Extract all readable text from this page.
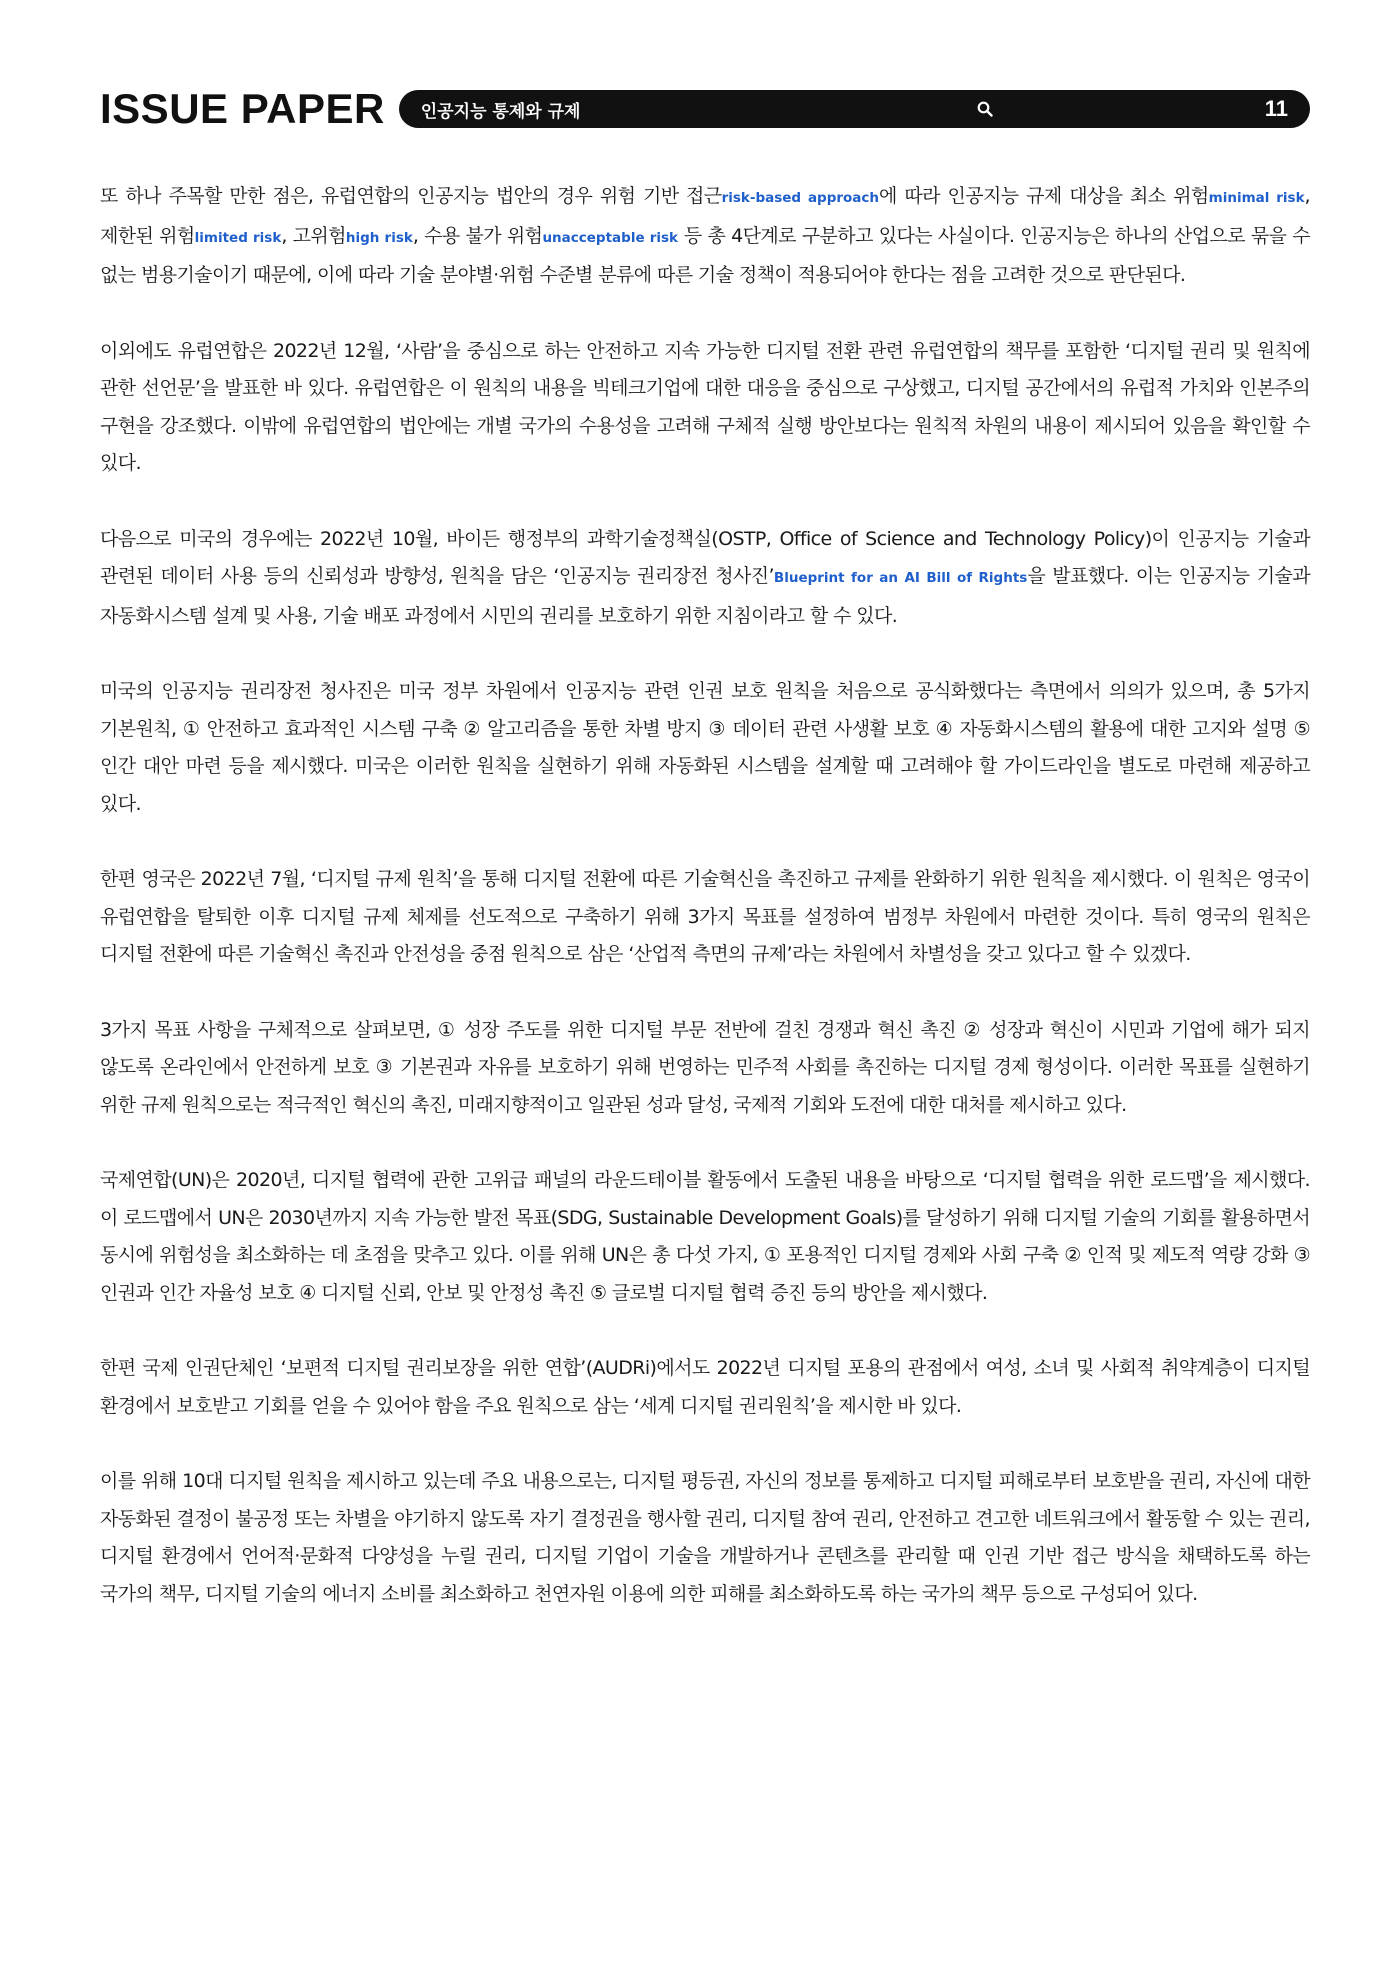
ISSUE PAPER 인공지능 통제와 규제	11

또 하나 주목할 만한 점은, 유럽연합의 인공지능 법안의 경우 위험 기반 접근risk-based approach에 따라 인공지능 규제 대상을 최소 위험minimal risk, 제한된 위험limited risk, 고위험high risk, 수용 불가 위험unacceptable risk 등 총 4단계로 구분하고 있다는 사실이다. 인공지능은 하나의 산업으로 묶을 수 없는 범용기술이기 때문에, 이에 따라 기술 분야별·위험 수준별 분류에 따른 기술 정책이 적용되어야 한다는 점을 고려한 것으로 판단된다.

이외에도 유럽연합은 2022년 12월, ‘사람’을 중심으로 하는 안전하고 지속 가능한 디지털 전환 관련 유럽연합의 책무를 포함한 ‘디지털 권리 및 원칙에 관한 선언문’을 발표한 바 있다. 유럽연합은 이 원칙의 내용을 빅테크기업에 대한 대응을 중심으로 구상했고, 디지털 공간에서의 유럽적 가치와 인본주의 구현을 강조했다. 이밖에 유럽연합의 법안에는 개별 국가의 수용성을 고려해 구체적 실행 방안보다는 원칙적 차원의 내용이 제시되어 있음을 확인할 수 있다.

다음으로 미국의 경우에는 2022년 10월, 바이든 행정부의 과학기술정책실(OSTP, Office of Science and Technology Policy)이 인공지능 기술과 관련된 데이터 사용 등의 신뢰성과 방향성, 원칙을 담은 ‘인공지능 권리장전 청사진’Blueprint for an AI Bill of Rights을 발표했다. 이는 인공지능 기술과 자동화시스템 설계 및 사용, 기술 배포 과정에서 시민의 권리를 보호하기 위한 지침이라고 할 수 있다.

미국의 인공지능 권리장전 청사진은 미국 정부 차원에서 인공지능 관련 인권 보호 원칙을 처음으로 공식화했다는 측면에서 의의가 있으며, 총 5가지 기본원칙, ① 안전하고 효과적인 시스템 구축 ② 알고리즘을 통한 차별 방지 ③ 데이터 관련 사생활 보호 ④ 자동화시스템의 활용에 대한 고지와 설명 ⑤ 인간 대안 마련 등을 제시했다. 미국은 이러한 원칙을 실현하기 위해 자동화된 시스템을 설계할 때 고려해야 할 가이드라인을 별도로 마련해 제공하고 있다.

한편 영국은 2022년 7월, ‘디지털 규제 원칙’을 통해 디지털 전환에 따른 기술혁신을 촉진하고 규제를 완화하기 위한 원칙을 제시했다. 이 원칙은 영국이 유럽연합을 탈퇴한 이후 디지털 규제 체제를 선도적으로 구축하기 위해 3가지 목표를 설정하여 범정부 차원에서 마련한 것이다. 특히 영국의 원칙은 디지털 전환에 따른 기술혁신 촉진과 안전성을 중점 원칙으로 삼은 ‘산업적 측면의 규제’라는 차원에서 차별성을 갖고 있다고 할 수 있겠다.

3가지 목표 사항을 구체적으로 살펴보면, ① 성장 주도를 위한 디지털 부문 전반에 걸친 경쟁과 혁신 촉진 ② 성장과 혁신이 시민과 기업에 해가 되지 않도록 온라인에서 안전하게 보호 ③ 기본권과 자유를 보호하기 위해 번영하는 민주적 사회를 촉진하는 디지털 경제 형성이다. 이러한 목표를 실현하기 위한 규제 원칙으로는 적극적인 혁신의 촉진, 미래지향적이고 일관된 성과 달성, 국제적 기회와 도전에 대한 대처를 제시하고 있다.

국제연합(UN)은 2020년, 디지털 협력에 관한 고위급 패널의 라운드테이블 활동에서 도출된 내용을 바탕으로 ‘디지털 협력을 위한 로드맵’을 제시했다. 이 로드맵에서 UN은 2030년까지 지속 가능한 발전 목표(SDG, Sustainable Development Goals)를 달성하기 위해 디지털 기술의 기회를 활용하면서 동시에 위험성을 최소화하는 데 초점을 맞추고 있다. 이를 위해 UN은 총 다섯 가지, ① 포용적인 디지털 경제와 사회 구축 ② 인적 및 제도적 역량 강화 ③ 인권과 인간 자율성 보호 ④ 디지털 신뢰, 안보 및 안정성 촉진 ⑤ 글로벌 디지털 협력 증진 등의 방안을 제시했다.

한편 국제 인권단체인 ‘보편적 디지털 권리보장을 위한 연합’(AUDRi)에서도 2022년 디지털 포용의 관점에서 여성, 소녀 및 사회적 취약계층이 디지털 환경에서 보호받고 기회를 얻을 수 있어야 함을 주요 원칙으로 삼는 ‘세계 디지털 권리원칙’을 제시한 바 있다.

이를 위해 10대 디지털 원칙을 제시하고 있는데 주요 내용으로는, 디지털 평등권, 자신의 정보를 통제하고 디지털 피해로부터 보호받을 권리, 자신에 대한 자동화된 결정이 불공정 또는 차별을 야기하지 않도록 자기 결정권을 행사할 권리, 디지털 참여 권리, 안전하고 견고한 네트워크에서 활동할 수 있는 권리, 디지털 환경에서 언어적·문화적 다양성을 누릴 권리, 디지털 기업이 기술을 개발하거나 콘텐츠를 관리할 때 인권 기반 접근 방식을 채택하도록 하는 국가의 책무, 디지털 기술의 에너지 소비를 최소화하고 천연자원 이용에 의한 피해를 최소화하도록 하는 국가의 책무 등으로 구성되어 있다.
